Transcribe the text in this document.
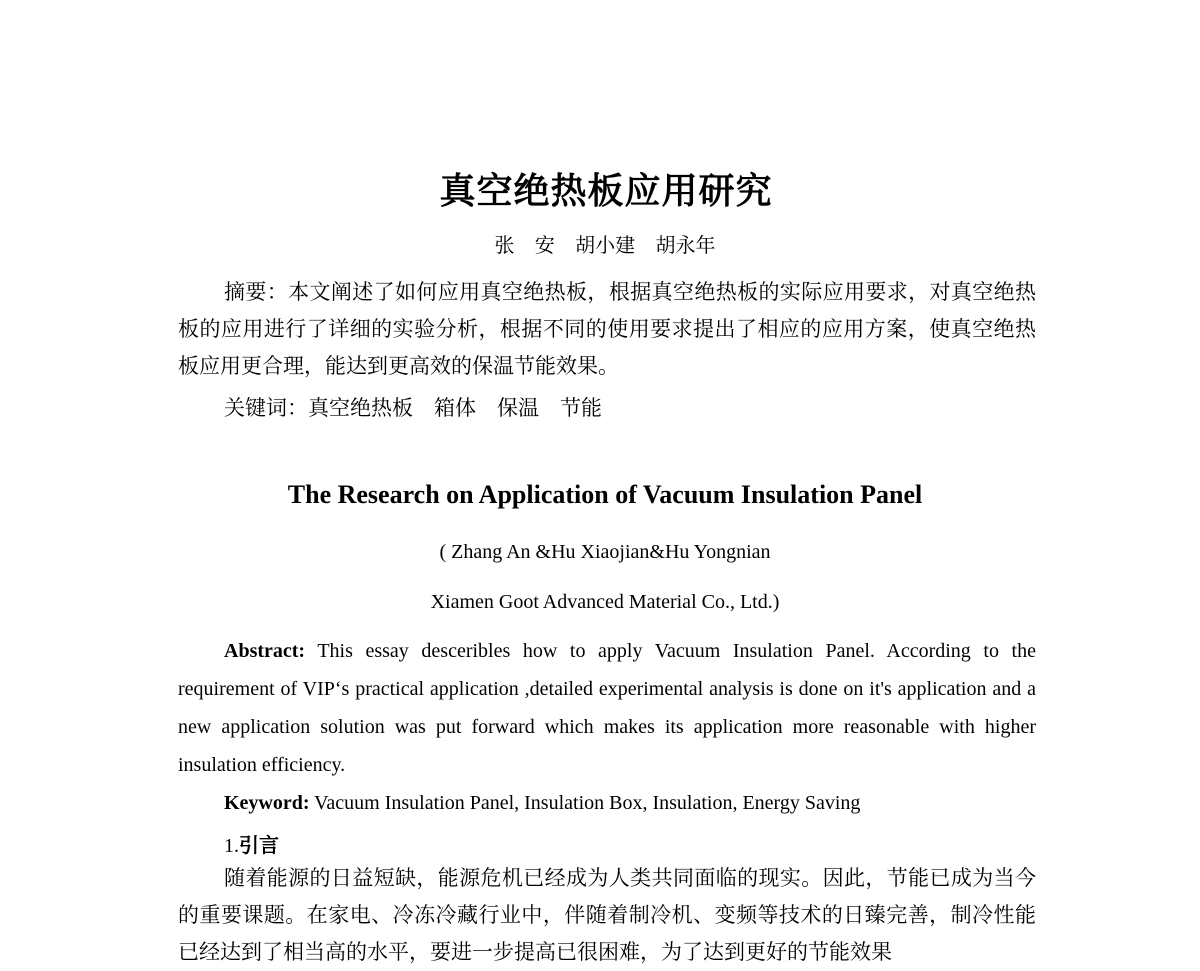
真空绝热板应用研究
张 安 胡小建 胡永年
摘要：本文阐述了如何应用真空绝热板，根据真空绝热板的实际应用要求，对真空绝热板的应用进行了详细的实验分析，根据不同的使用要求提出了相应的应用方案，使真空绝热板应用更合理，能达到更高效的保温节能效果。
关键词：真空绝热板　箱体　保温　节能
The Research on Application of Vacuum Insulation Panel
( Zhang An &Hu Xiaojian&Hu Yongnian
Xiamen Goot Advanced Material Co., Ltd.)
Abstract: This essay desceribles how to apply Vacuum Insulation Panel. According to the requirement of VIP‘s practical application ,detailed experimental analysis is done on it's application and a new application solution was put forward which makes its application more reasonable with higher insulation efficiency.
Keyword: Vacuum Insulation Panel, Insulation Box, Insulation, Energy Saving
1.引言
随着能源的日益短缺，能源危机已经成为人类共同面临的现实。因此，节能已成为当今的重要课题。在家电、冷冻冷藏行业中，伴随着制冷机、变频等技术的日臻完善，制冷性能已经达到了相当高的水平，要进一步提高已很困难，为了达到更好的节能效果
